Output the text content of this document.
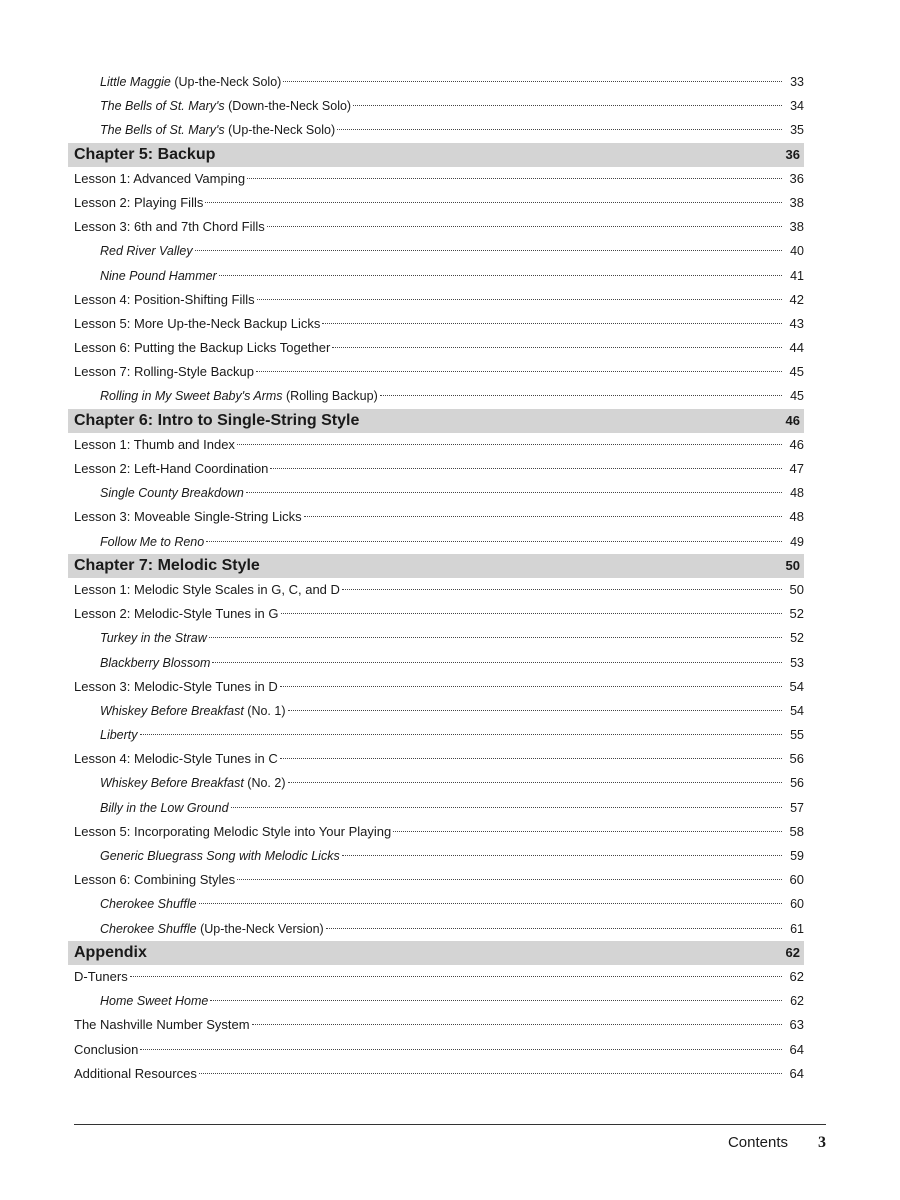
Little Maggie (Up-the-Neck Solo)	33
The Bells of St. Mary's (Down-the-Neck Solo)	34
The Bells of St. Mary's (Up-the-Neck Solo)	35
Chapter 5: Backup	36
Lesson 1: Advanced Vamping	36
Lesson 2: Playing Fills	38
Lesson 3: 6th and 7th Chord Fills	38
Red River Valley	40
Nine Pound Hammer	41
Lesson 4: Position-Shifting Fills	42
Lesson 5: More Up-the-Neck Backup Licks	43
Lesson 6: Putting the Backup Licks Together	44
Lesson 7: Rolling-Style Backup	45
Rolling in My Sweet Baby's Arms (Rolling Backup)	45
Chapter 6: Intro to Single-String Style	46
Lesson 1: Thumb and Index	46
Lesson 2: Left-Hand Coordination	47
Single County Breakdown	48
Lesson 3: Moveable Single-String Licks	48
Follow Me to Reno	49
Chapter 7: Melodic Style	50
Lesson 1: Melodic Style Scales in G, C, and D	50
Lesson 2: Melodic-Style Tunes in G	52
Turkey in the Straw	52
Blackberry Blossom	53
Lesson 3: Melodic-Style Tunes in D	54
Whiskey Before Breakfast (No. 1)	54
Liberty	55
Lesson 4: Melodic-Style Tunes in C	56
Whiskey Before Breakfast (No. 2)	56
Billy in the Low Ground	57
Lesson 5: Incorporating Melodic Style into Your Playing	58
Generic Bluegrass Song with Melodic Licks	59
Lesson 6: Combining Styles	60
Cherokee Shuffle	60
Cherokee Shuffle (Up-the-Neck Version)	61
Appendix	62
D-Tuners	62
Home Sweet Home	62
The Nashville Number System	63
Conclusion	64
Additional Resources	64
Contents 3
